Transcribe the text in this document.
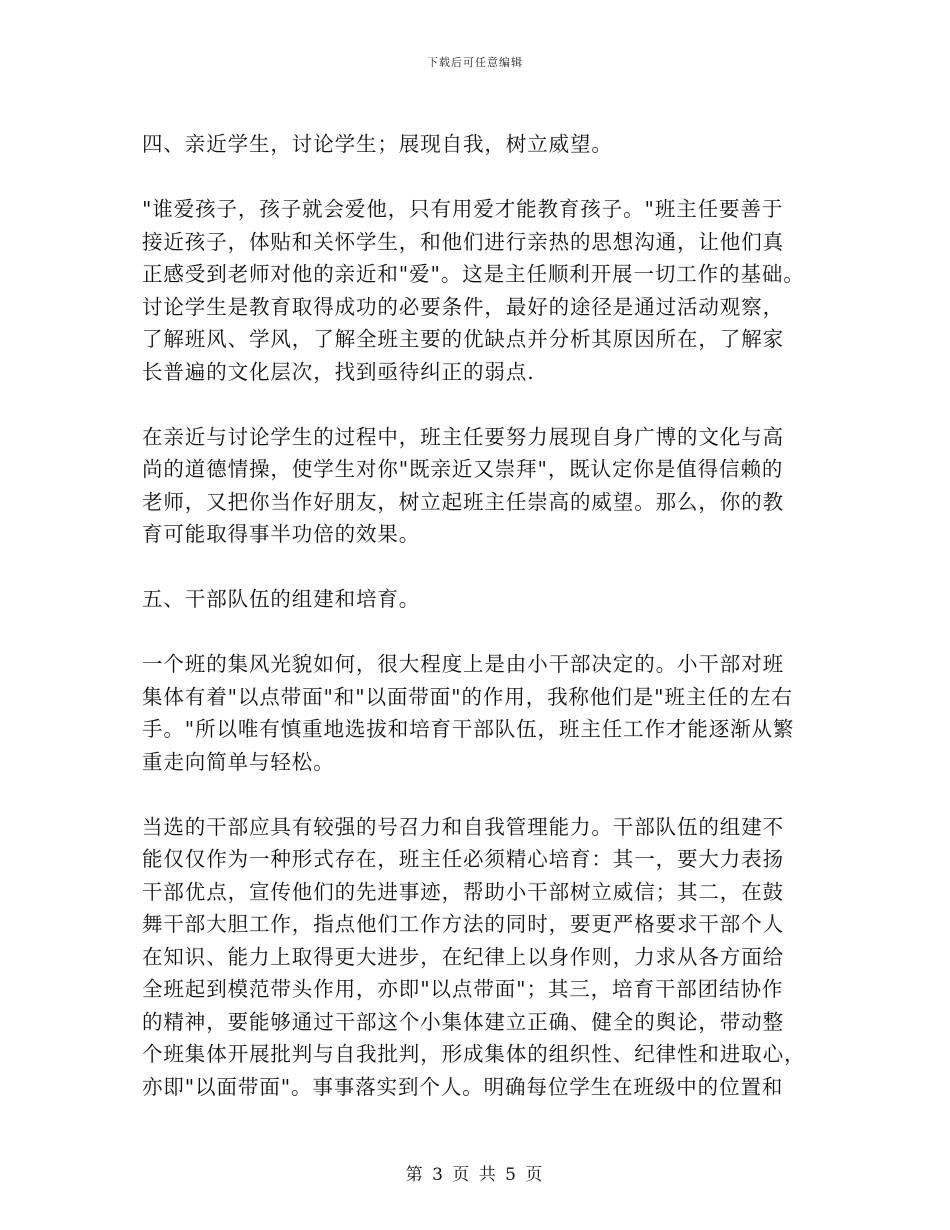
下载后可任意编辑

四、亲近学生，讨论学生；展现自我，树立威望。

"谁爱孩子，孩子就会爱他，只有用爱才能教育孩子。"班主任要善于

接近孩子，体贴和关怀学生，和他们进行亲热的思想沟通，让他们真

正感受到老师对他的亲近和"爱"。这是主任顺利开展一切工作的基础。

讨论学生是教育取得成功的必要条件，最好的途径是通过活动观察，

了解班风、学风，了解全班主要的优缺点并分析其原因所在，了解家

长普遍的文化层次，找到亟待纠正的弱点.

在亲近与讨论学生的过程中，班主任要努力展现自身广博的文化与高

尚的道德情操，使学生对你"既亲近又崇拜"，既认定你是值得信赖的

老师，又把你当作好朋友，树立起班主任崇高的威望。那么，你的教

育可能取得事半功倍的效果。

五、干部队伍的组建和培育。

一个班的集风光貌如何，很大程度上是由小干部决定的。小干部对班

集体有着"以点带面"和"以面带面"的作用，我称他们是"班主任的左右

手。"所以唯有慎重地选拔和培育干部队伍，班主任工作才能逐渐从繁

重走向简单与轻松。

当选的干部应具有较强的号召力和自我管理能力。干部队伍的组建不

能仅仅作为一种形式存在，班主任必须精心培育：其一，要大力表扬

干部优点，宣传他们的先进事迹，帮助小干部树立威信；其二，在鼓

舞干部大胆工作，指点他们工作方法的同时，要更严格要求干部个人

在知识、能力上取得更大进步，在纪律上以身作则，力求从各方面给

全班起到模范带头作用，亦即"以点带面"；其三，培育干部团结协作

的精神，要能够通过干部这个小集体建立正确、健全的舆论，带动整

个班集体开展批判与自我批判，形成集体的组织性、纪律性和进取心，

亦即"以面带面"。事事落实到个人。明确每位学生在班级中的位置和

第 3 页 共 5 页
